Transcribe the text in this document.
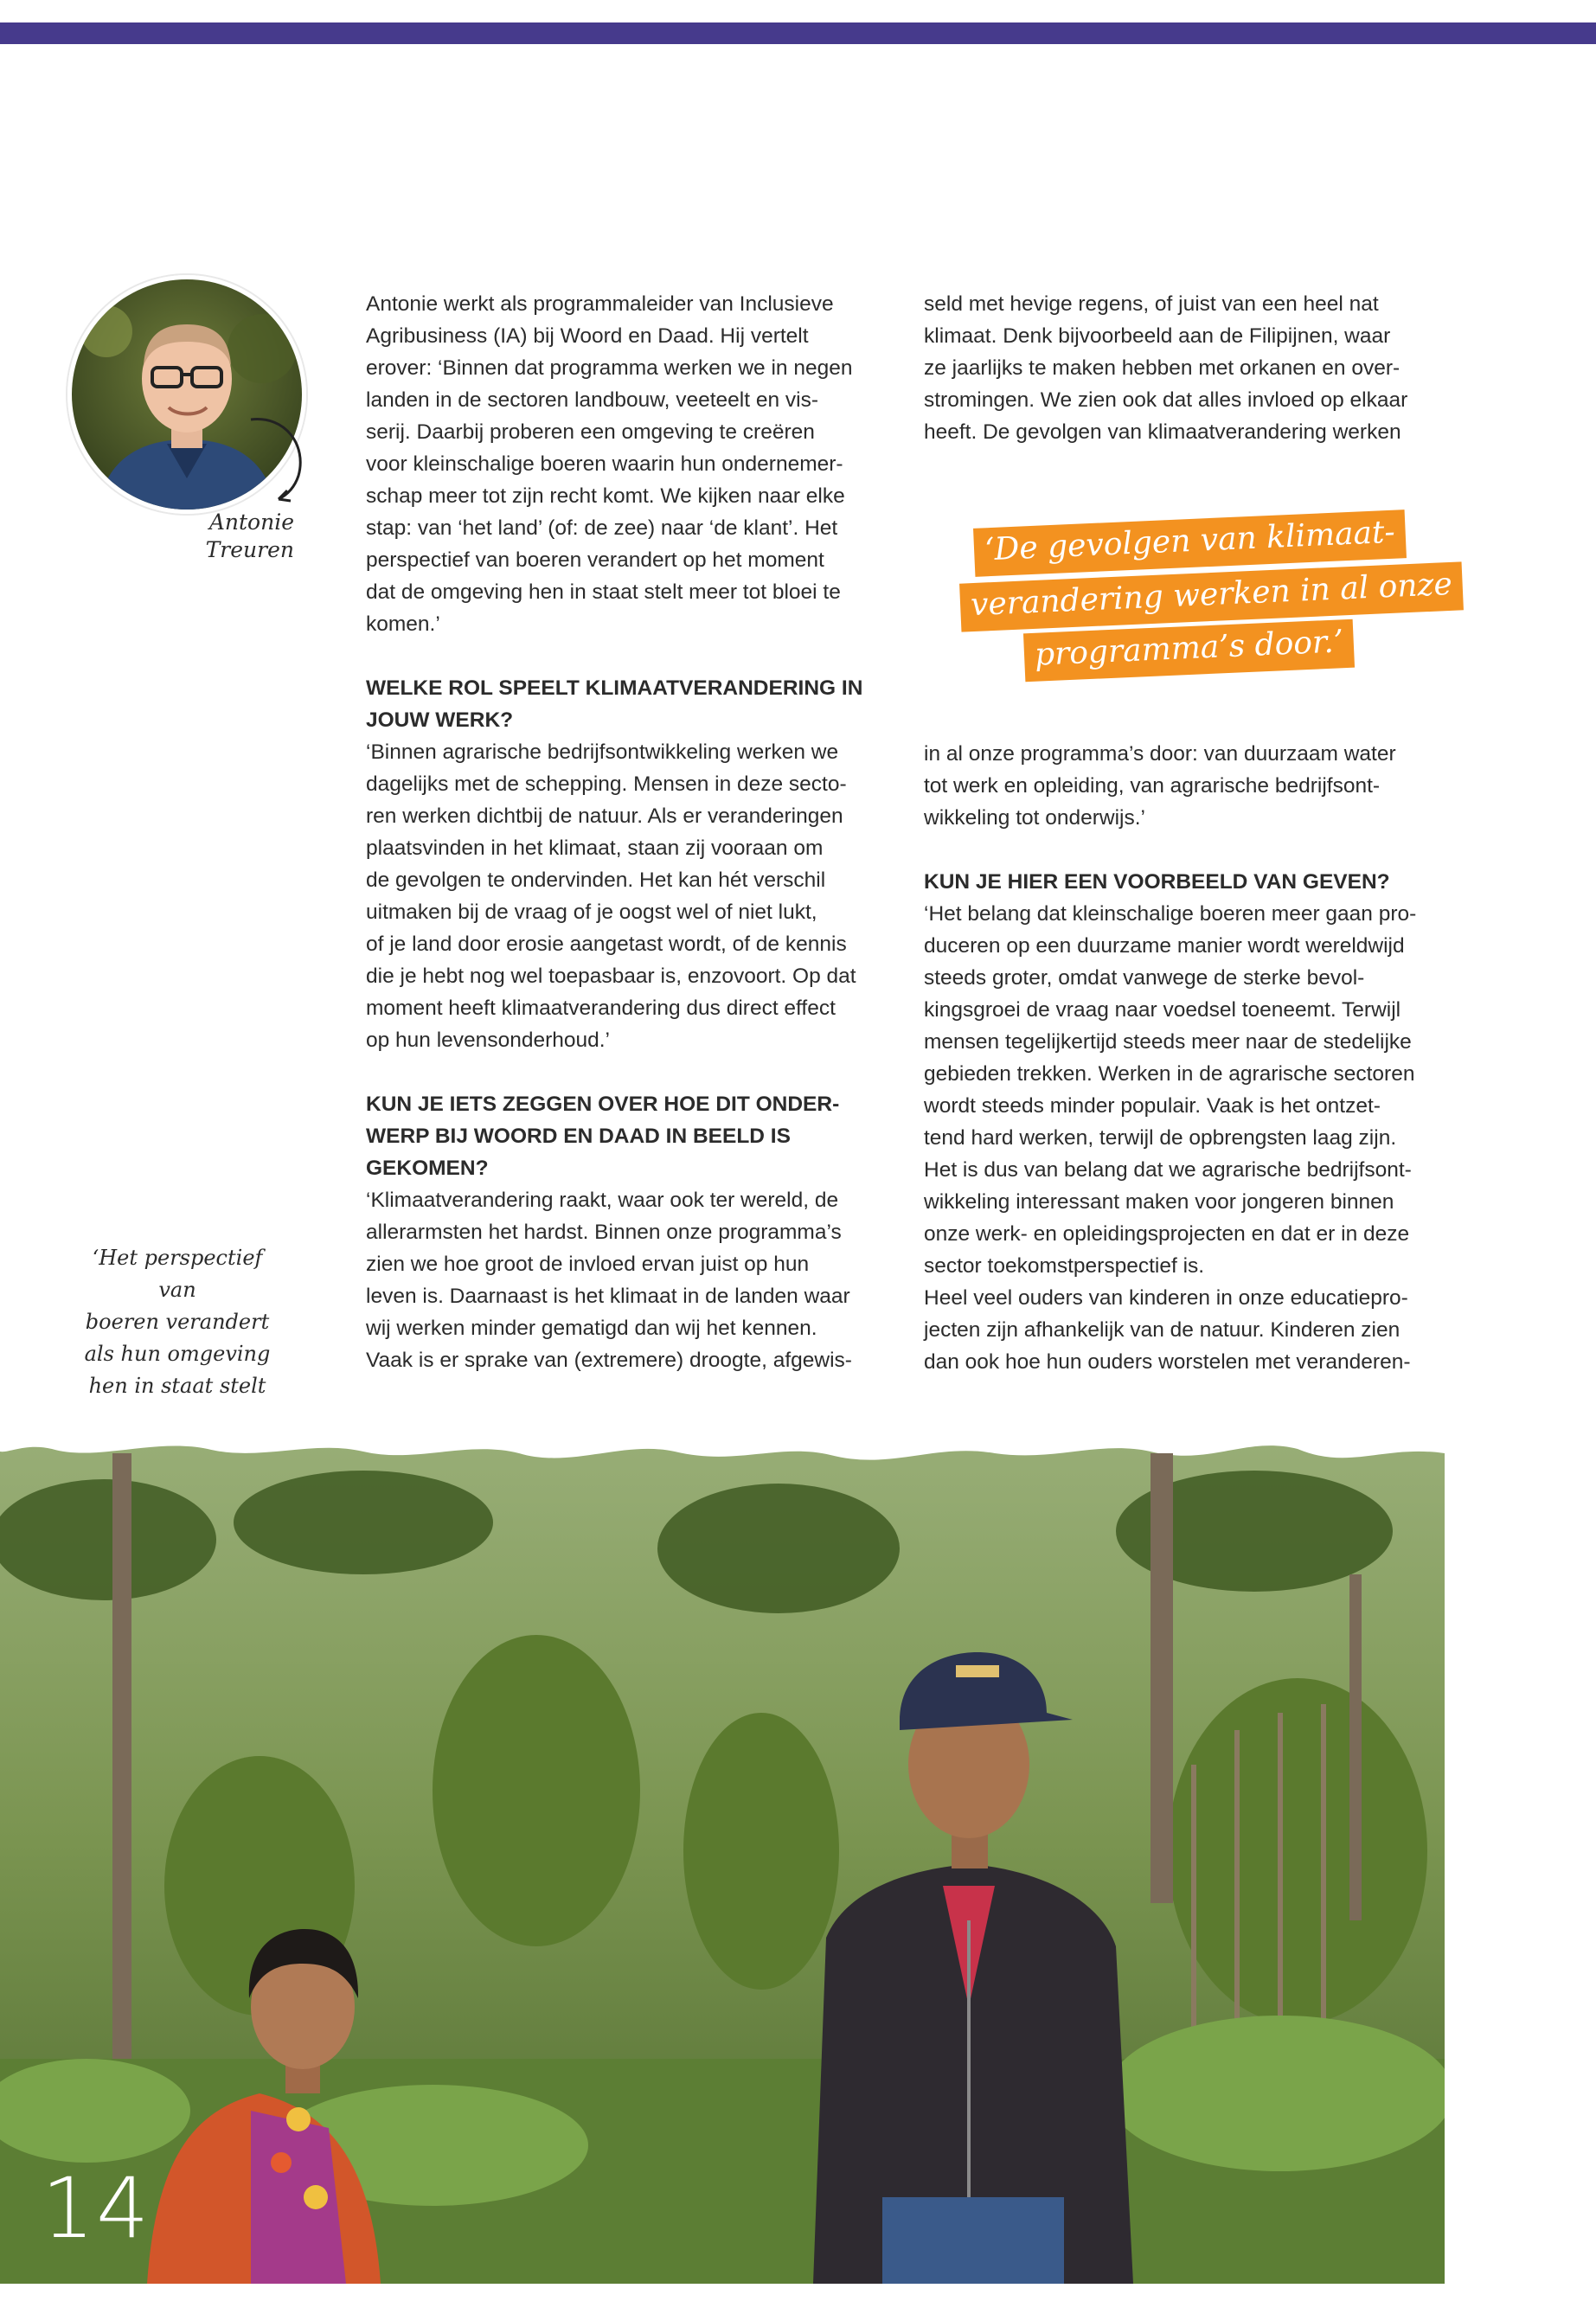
Antonie
Treuren
‘Het perspectief van
boeren verandert
als hun omgeving
hen in staat stelt

Antonie werkt als programmaleider van Inclusieve

Agribusiness (IA) bij Woord en Daad. Hij vertelt

erover: ‘Binnen dat programma werken we in negen

landen in de sectoren landbouw, veeteelt en vis-

serij. Daarbij proberen een omgeving te creëren

voor kleinschalige boeren waarin hun ondernemer-

schap meer tot zijn recht komt. We kijken naar elke

stap: van ‘het land’ (of: de zee) naar ‘de klant’. Het

perspectief van boeren verandert op het moment

dat de omgeving hen in staat stelt meer tot bloei te

komen.’

WELKE ROL SPEELT KLIMAATVERANDERING IN
JOUW WERK?

‘Binnen agrarische bedrijfsontwikkeling werken we

dagelijks met de schepping. Mensen in deze secto-

ren werken dichtbij de natuur. Als er veranderingen

plaatsvinden in het klimaat, staan zij vooraan om

de gevolgen te ondervinden. Het kan hét verschil

uitmaken bij de vraag of je oogst wel of niet lukt,

of je land door erosie aangetast wordt, of de kennis

die je hebt nog wel toepasbaar is, enzovoort. Op dat

moment heeft klimaatverandering dus direct effect

op hun levensonderhoud.’

KUN JE IETS ZEGGEN OVER HOE DIT ONDER-
WERP BIJ WOORD EN DAAD IN BEELD IS
GEKOMEN?

‘Klimaatverandering raakt, waar ook ter wereld, de

allerarmsten het hardst. Binnen onze programma’s

zien we hoe groot de invloed ervan juist op hun

leven is. Daarnaast is het klimaat in de landen waar

wij werken minder gematigd dan wij het kennen.

Vaak is er sprake van (extremere) droogte, afgewis-

seld met hevige regens, of juist van een heel nat

klimaat. Denk bijvoorbeeld aan de Filipijnen, waar

ze jaarlijks te maken hebben met orkanen en over-

stromingen. We zien ook dat alles invloed op elkaar

heeft. De gevolgen van klimaatverandering werken

‘De gevolgen van klimaat-
verandering werken in al onze
programma’s door.’

in al onze programma’s door: van duurzaam water

tot werk en opleiding, van agrarische bedrijfsont-

wikkeling tot onderwijs.’

KUN JE HIER EEN VOORBEELD VAN GEVEN?

‘Het belang dat kleinschalige boeren meer gaan pro-

duceren op een duurzame manier wordt wereldwijd

steeds groter, omdat vanwege de sterke bevol-

kingsgroei de vraag naar voedsel toeneemt. Terwijl

mensen tegelijkertijd steeds meer naar de stedelijke

gebieden trekken. Werken in de agrarische sectoren

wordt steeds minder populair. Vaak is het ontzet-

tend hard werken, terwijl de opbrengsten laag zijn.

Het is dus van belang dat we agrarische bedrijfsont-

wikkeling interessant maken voor jongeren binnen

onze werk- en opleidingsprojecten en dat er in deze

sector toekomstperspectief is.

Heel veel ouders van kinderen in onze educatiepro-

jecten zijn afhankelijk van de natuur. Kinderen zien

dan ook hoe hun ouders worstelen met veranderen-

14
